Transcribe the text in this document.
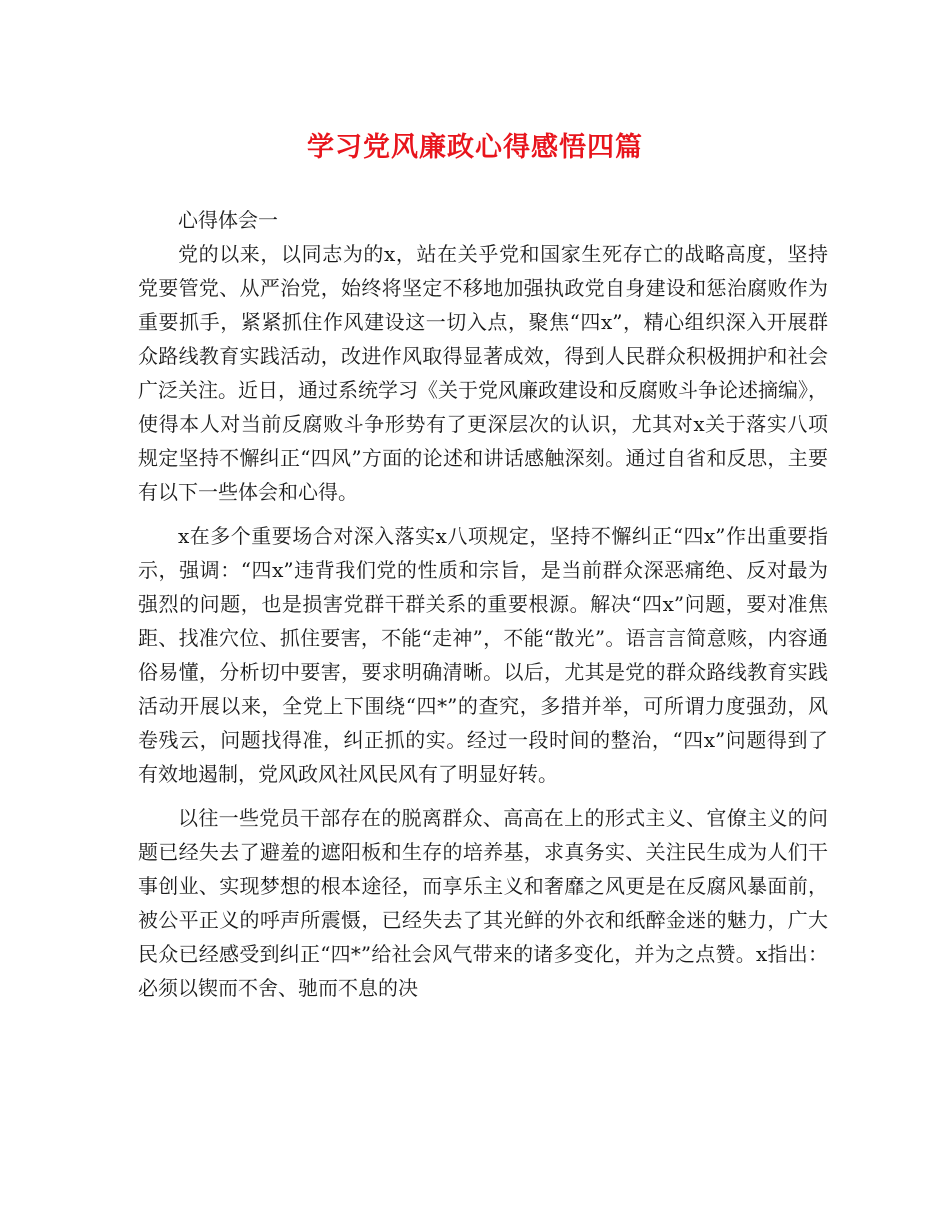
学习党风廉政心得感悟四篇

心得体会一

党的以来，以同志为的x，站在关乎党和国家生死存亡的战略高度，坚持党要管党、从严治党，始终将坚定不移地加强执政党自身建设和惩治腐败作为重要抓手，紧紧抓住作风建设这一切入点，聚焦“四x”，精心组织深入开展群众路线教育实践活动，改进作风取得显著成效，得到人民群众积极拥护和社会广泛关注。近日，通过系统学习《关于党风廉政建设和反腐败斗争论述摘编》，使得本人对当前反腐败斗争形势有了更深层次的认识，尤其对x关于落实八项规定坚持不懈纠正“四风”方面的论述和讲话感触深刻。通过自省和反思，主要有以下一些体会和心得。

x在多个重要场合对深入落实x八项规定，坚持不懈纠正“四x”作出重要指示，强调：“四x”违背我们党的性质和宗旨，是当前群众深恶痛绝、反对最为强烈的问题，也是损害党群干群关系的重要根源。解决“四x”问题，要对准焦距、找准穴位、抓住要害，不能“走神”，不能“散光”。语言言简意赅，内容通俗易懂，分析切中要害，要求明确清晰。以后，尤其是党的群众路线教育实践活动开展以来，全党上下围绕“四*”的查究，多措并举，可所谓力度强劲，风卷残云，问题找得准，纠正抓的实。经过一段时间的整治，“四x”问题得到了有效地遏制，党风政风社风民风有了明显好转。

以往一些党员干部存在的脱离群众、高高在上的形式主义、官僚主义的问题已经失去了避羞的遮阳板和生存的培养基，求真务实、关注民生成为人们干事创业、实现梦想的根本途径，而享乐主义和奢靡之风更是在反腐风暴面前，被公平正义的呼声所震慑，已经失去了其光鲜的外衣和纸醉金迷的魅力，广大民众已经感受到纠正“四*”给社会风气带来的诸多变化，并为之点赞。x指出：必须以锲而不舍、驰而不息的决
